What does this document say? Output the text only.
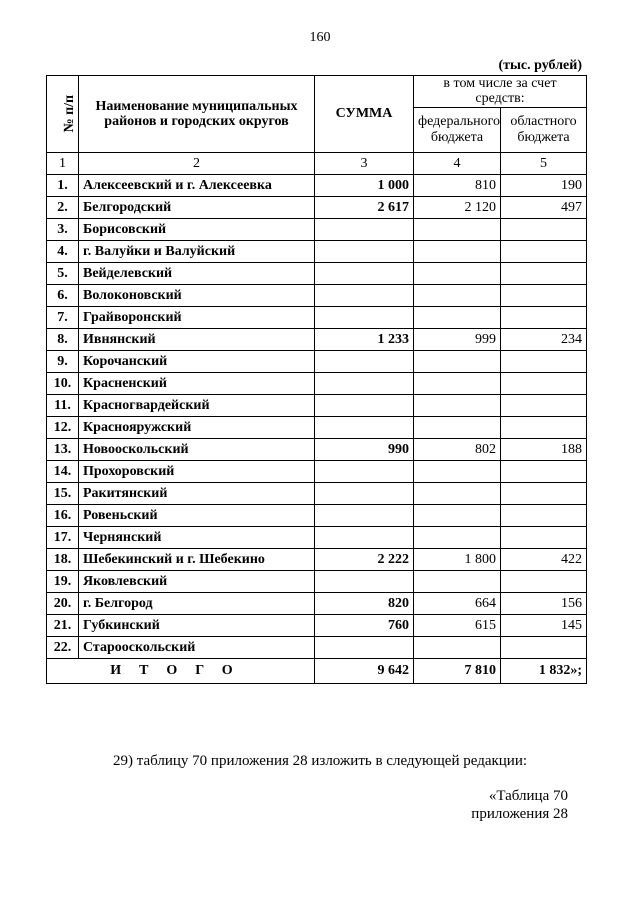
160
(тыс. рублей)
№ п/п	Наименование муниципальных районов и городских округов	СУММА	в том числе за счет средств:	
			федерального бюджета	областного бюджета
1	2	3	4	5
1.	Алексеевский и г. Алексеевка	1 000	810	190
2.	Белгородский	2 617	2 120	497
3.	Борисовский			
4.	г. Валуйки и Валуйский			
5.	Вейделевский			
6.	Волоконовский			
7.	Грайворонский			
8.	Ивнянский	1 233	999	234
9.	Корочанский			
10.	Красненский			
11.	Красногвардейский			
12.	Краснояружский			
13.	Новооскольский	990	802	188
14.	Прохоровский			
15.	Ракитянский			
16.	Ровеньский			
17.	Чернянский			
18.	Шебекинский и г. Шебекино	2 222	1 800	422
19.	Яковлевский			
20.	г. Белгород	820	664	156
21.	Губкинский	760	615	145
22.	Старооскольский			
ИТОГО		9 642	7 810	1 832»;
29) таблицу 70 приложения 28 изложить в следующей редакции:
«Таблица 70
приложения 28
